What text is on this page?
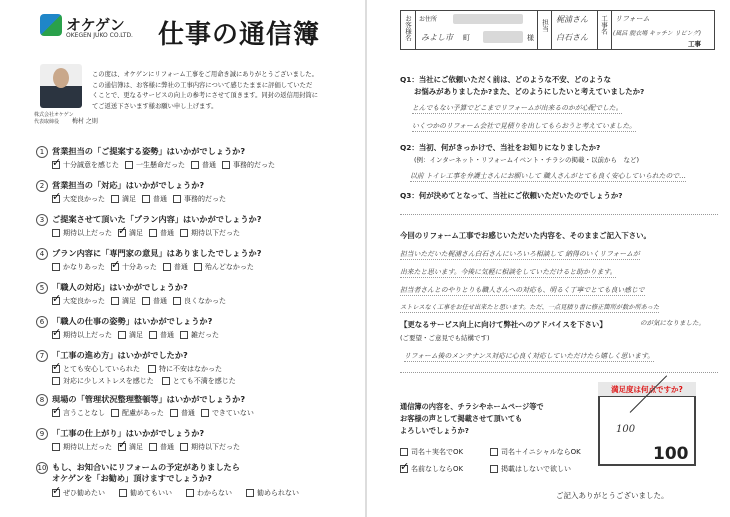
オケゲン
OKEGEN JUKO CO.LTD. 仕事の通信簿
株式会社オケゲン
代表取締役 梅村 之則
この度は、オケゲンにリフォーム工事をご用命き誠にありがとうございました。
この通信簿は、お客様に弊社の工事内容について感じたままに評価していただ
くことで、更なるサービスの向上の参考にさせて頂きます。同封の返信用封筒に
てご返送下さいます様お願い申し上げます。
1 営業担当の「ご提案する姿勢」はいかがでしょうか?
✓
十分誠意を感じた 一生懸命だった 普通 事務的だった
2 営業担当の「対応」はいかがでしょうか?
✓
大変良かった 満足 普通 事務的だった
3 ご提案させて頂いた「プラン内容」はいかがでしょうか?
期待以上だった ✓ 満足 普通 期待以下だった
4 プラン内容に「専門家の意見」はありましたでしょうか?
かなりあった ✓ 十分あった 普通 殆んどなかった
5 「職人の対応」はいかがでしょうか?
✓
大変良かった 満足 普通 良くなかった
6 「職人の仕事の姿勢」はいかがでしょうか?
✓
期待以上だった 満足 普通 雑だった
7 「工事の進め方」はいかがでしたか?
✓
とても安心していられた	特に不安はなかった
対応に少しストレスを感じた	とても不満を感じた
8 現場の「管理状況整理整頓等」はいかがでしょうか?
✓
言うことなし 配慮があった 普通 できていない
9 「工事の仕上がり」はいかがでしょうか?
期待以上だった ✓ 満足 普通 期待以下だった
10 もし、お知合いにリフォームの予定がありましたら
オケゲンを「お勧め」頂けますでしょうか?
✓
ぜひ勧めたい	勧めてもいい	わからない	勧められない
お客様名 お住所
みよし市 町	様
担当 梶浦さん
白石さん
工事名 リフォーム
(風呂 脱衣場 キッチン リビング)
工事
Q1：当社にご依頼いただく前は、どのような不安、どのような
お悩みがありましたか?また、どのようにしたいと考えていましたか?
とんでもない予算でどこまでリフォームが出来るのかが心配でした。
いくつかのリフォーム会社で見積りを出してもらおうと考えていました。
Q2：当初、何がきっかけで、当社をお知りになりましたか?
(例：インターネット・リフォームイベント・チラシの掲載・以前から　など)
以前 トイレ工事を弁護士さんにお願いして 職人さんがとても良く安心していられたので…
Q3：何が決めてとなって、当社にご依頼いただいたのでしょうか?
今回のリフォーム工事でお感じいただいた内容を、そのままご記入下さい。
担当いただいた梶浦さん白石さんにいろいろ相談して 納得のいくリフォームが
出来たと思います。今後に気軽に相談をしていただけると助かります。
担当者さんとのやりとりも職人さんへの対応も、明るく丁寧でとても良い感じで
ストレスなく工事をお任せ出来たと思います。ただ、一点見積り書に修正箇所が数か所あった
【更なるサービス向上に向けて弊社へのアドバイスを下さい】	のが気になりました。
(ご要望・ご意見でも結構です)
リフォーム後のメンテナンス対応に心良く対応していただけたら嬉しく思います。
通信簿の内容を、チラシやホームページ等で
お客様の声として掲載させて頂いても
よろしいでしょうか?
司名＋実名でOK	司名＋イニシャルならOK
✓
名前なしならOK	掲載はしないで欲しい
満足度は何点ですか?
100
100
ご記入ありがとうございました。
